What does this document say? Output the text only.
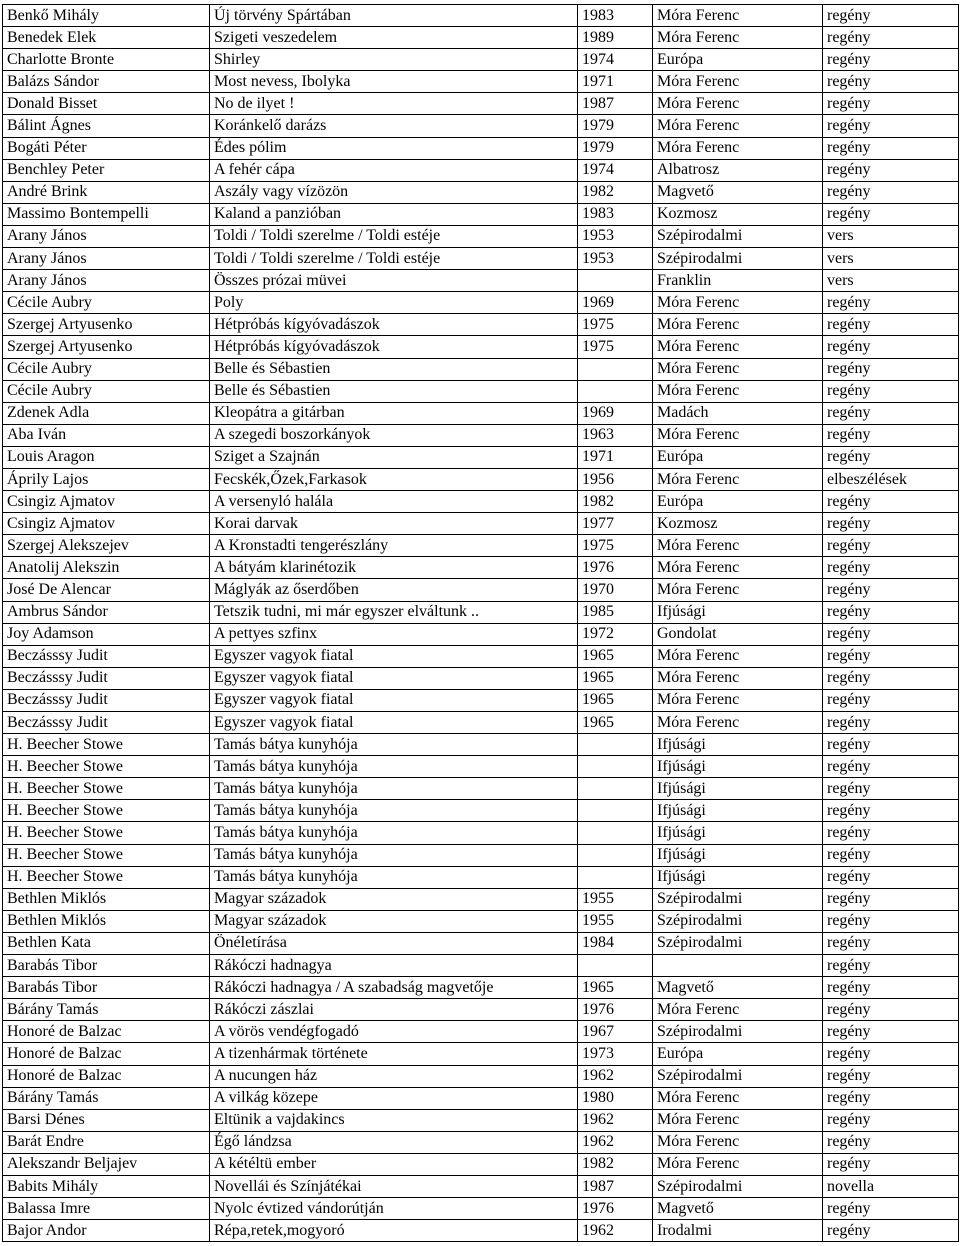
Benkő Mihály	Új törvény Spártában	1983	Móra Ferenc	regény
Benedek Elek	Szigeti veszedelem	1989	Móra Ferenc	regény
Charlotte Bronte	Shirley	1974	Európa	regény
Balázs Sándor	Most nevess, Ibolyka	1971	Móra Ferenc	regény
Donald Bisset	No de ilyet !	1987	Móra Ferenc	regény
Bálint Ágnes	Koránkelő darázs	1979	Móra Ferenc	regény
Bogáti Péter	Édes pólim	1979	Móra Ferenc	regény
Benchley Peter	A fehér cápa	1974	Albatrosz	regény
André Brink	Aszály vagy vízözön	1982	Magvető	regény
Massimo Bontempelli	Kaland a panzióban	1983	Kozmosz	regény
Arany János	Toldi / Toldi szerelme / Toldi estéje	1953	Szépirodalmi	vers
Arany János	Toldi / Toldi szerelme / Toldi estéje	1953	Szépirodalmi	vers
Arany János	Összes prózai müvei		Franklin	vers
Cécile Aubry	Poly	1969	Móra Ferenc	regény
Szergej Artyusenko	Hétpróbás kígyóvadászok	1975	Móra Ferenc	regény
Szergej Artyusenko	Hétpróbás kígyóvadászok	1975	Móra Ferenc	regény
Cécile Aubry	Belle és Sébastien		Móra Ferenc	regény
Cécile Aubry	Belle és Sébastien		Móra Ferenc	regény
Zdenek Adla	Kleopátra a gitárban	1969	Madách	regény
Aba Iván	A szegedi boszorkányok	1963	Móra Ferenc	regény
Louis Aragon	Sziget a Szajnán	1971	Európa	regény
Áprily Lajos	Fecskék,Őzek,Farkasok	1956	Móra Ferenc	elbeszélések
Csingiz Ajmatov	A versenyló halála	1982	Európa	regény
Csingiz Ajmatov	Korai darvak	1977	Kozmosz	regény
Szergej Alekszejev	A Kronstadti tengerészlány	1975	Móra Ferenc	regény
Anatolij Alekszin	A bátyám klarinétozik	1976	Móra Ferenc	regény
José De Alencar	Máglyák az őserdőben	1970	Móra Ferenc	regény
Ambrus Sándor	Tetszik tudni, mi már egyszer elváltunk ..	1985	Ifjúsági	regény
Joy Adamson	A pettyes szfinx	1972	Gondolat	regény
Beczásssy Judit	Egyszer vagyok fiatal	1965	Móra Ferenc	regény
Beczásssy Judit	Egyszer vagyok fiatal	1965	Móra Ferenc	regény
Beczásssy Judit	Egyszer vagyok fiatal	1965	Móra Ferenc	regény
Beczásssy Judit	Egyszer vagyok fiatal	1965	Móra Ferenc	regény
H. Beecher Stowe	Tamás bátya kunyhója		Ifjúsági	regény
H. Beecher Stowe	Tamás bátya kunyhója		Ifjúsági	regény
H. Beecher Stowe	Tamás bátya kunyhója		Ifjúsági	regény
H. Beecher Stowe	Tamás bátya kunyhója		Ifjúsági	regény
H. Beecher Stowe	Tamás bátya kunyhója		Ifjúsági	regény
H. Beecher Stowe	Tamás bátya kunyhója		Ifjúsági	regény
H. Beecher Stowe	Tamás bátya kunyhója		Ifjúsági	regény
Bethlen Miklós	Magyar századok	1955	Szépirodalmi	regény
Bethlen Miklós	Magyar századok	1955	Szépirodalmi	regény
Bethlen Kata	Önéletírása	1984	Szépirodalmi	regény
Barabás Tibor	Rákóczi hadnagya			regény
Barabás Tibor	Rákóczi hadnagya / A szabadság magvetője	1965	Magvető	regény
Bárány Tamás	Rákóczi zászlai	1976	Móra Ferenc	regény
Honoré de Balzac	A vörös vendégfogadó	1967	Szépirodalmi	regény
Honoré de Balzac	A tizenhármak története	1973	Európa	regény
Honoré de Balzac	A nucungen ház	1962	Szépirodalmi	regény
Bárány Tamás	A vilkág közepe	1980	Móra Ferenc	regény
Barsi Dénes	Eltünik a vajdakincs	1962	Móra Ferenc	regény
Barát Endre	Égő lándzsa	1962	Móra Ferenc	regény
Alekszandr Beljajev	A kétéltü ember	1982	Móra Ferenc	regény
Babits Mihály	Novellái és Színjátékai	1987	Szépirodalmi	novella
Balassa Imre	Nyolc évtized vándorútján	1976	Magvető	regény
Bajor Andor	Répa,retek,mogyoró	1962	Irodalmi	regény
